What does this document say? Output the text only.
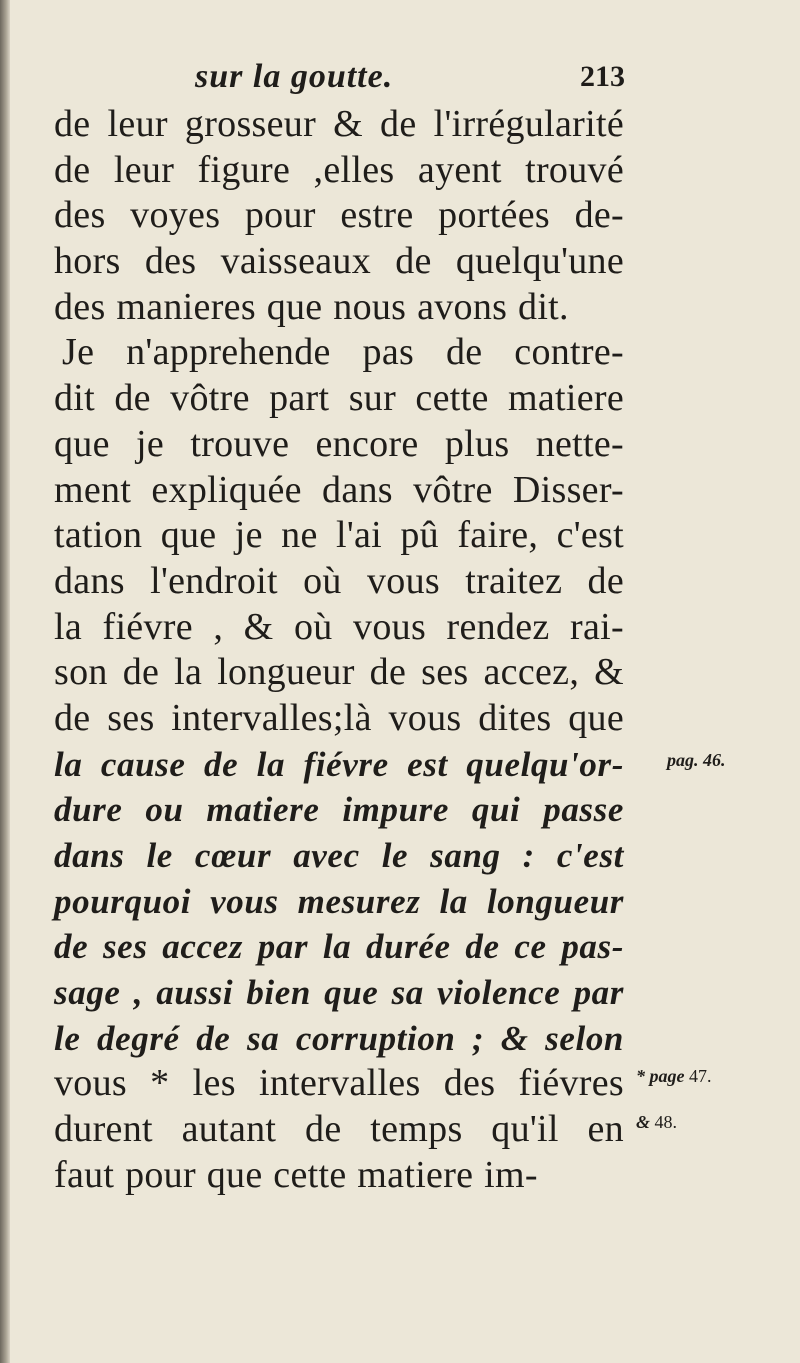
sur la goutte.	213
de leur grosseur & de l'irrégularité
de leur figure ,elles ayent trouvé
des voyes pour estre portées de-
hors des vaisseaux de quelqu'une
des manieres que nous avons dit.
Je n'apprehende pas de contre-
dit de vôtre part sur cette matiere
que je trouve encore plus nette-
ment expliquée dans vôtre Disser-
tation que je ne l'ai pû faire, c'est
dans l'endroit où vous traitez de
la fiévre , & où vous rendez rai-
son de la longueur de ses accez, &
de ses intervalles;là vous dites que
la cause de la fiévre est quelqu'or-
dure ou matiere impure qui passe
dans le cœur avec le sang : c'est
pourquoi vous mesurez la longueur
de ses accez par la durée de ce pas-
sage , aussi bien que sa violence par
le degré de sa corruption ; & selon
vous * les intervalles des fiévres
durent autant de temps qu'il en
faut pour que cette matiere im-
pag. 46.
* page 47.
& 48.
